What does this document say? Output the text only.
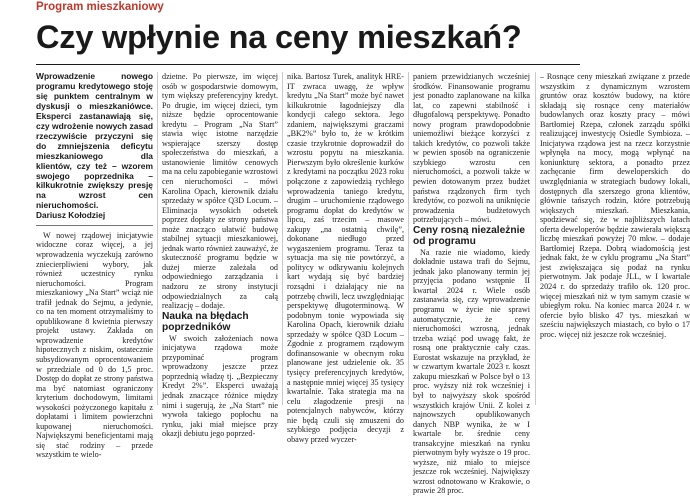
Program mieszkaniowy
Czy wpłynie na ceny mieszkań?

Wprowadzenie nowego programu kredytowego stoję się punktem centralnym w dyskusji o mieszkaniówce. Eksperci zastanawiają się, czy wdrożenie nowych zasad rzeczywiście przyczyni się do zmniejszenia deficytu mieszkaniowego dla klientów, czy też – wzorem swojego poprzednika – kilkukrotnie zwiększy presję na wzrost cen nieruchomości.

Dariusz Kołodziej

W nowej rządowej inicjatywie widoczne coraz więcej, a jej wprowadzenia wyczekują zarówno zniecierpliwieni wybory, jak również uczestnicy rynku nieruchomości. Program mieszkaniowy „Na Start” wciąż nie trafił jednak do Sejmu, a jedynie, co na ten moment otrzymaliśmy to opublikowane 8 kwietnia pierwszy projekt ustawy. Zakłada on wprowadzenie kredytów hipotecznych z niskim, ostatecznie subsydiowanym oprocentowaniem w przedziale od 0 do 1,5 proc. Dostęp do dopłat ze strony państwa ma być natomiast ograniczony kryterium dochodowym, limitami wysokości pożyczonego kapitału z dopłatami i limitem powierzchni kupowanej nieruchomości. Największymi beneficjentami mają się stać rodziny – przede wszystkim te wielo-

dzietne. Po pierwsze, im więcej osób w gospodarstwie domowym, tym większy preferencyjny kredyt. Po drugie, im więcej dzieci, tym niższe będzie oprocentowanie kredytu – Program „Na Start” stawia więc istotne narzędzie wspierające szerszy dostęp społeczeństwa do mieszkań, a ustanowienie limitów cenowych ma na celu zapobieganie wzrostowi cen nieruchomości – mówi Karolina Opach, kierownik działu sprzedaży w spółce Q3D Locum. – Eliminacja wysokich odsetek poprzez dopłaty ze strony państwa może znacząco ułatwić budowę stabilnej sytuacji mieszkaniowej, jednak warto również zauważyć, że skuteczność programu będzie w dużej mierze zależała od odpowiedniego zarządzania i nadzoru ze strony instytucji odpowiedzialnych za całą realizację – dodaje.

Nauka na błędach poprzedników

W swoich założeniach nowa inicjatywa rządowa może przypominać program wprowadzony jeszcze przez poprzednią władzę tj. „Bezpieczny Kredyt 2%”. Eksperci uważają jednak znaczące różnice między nimi i sugerują, że „Na Start” nie wywoła takiego popłochu na rynku, jaki miał miejsce przy okazji debiutu jego poprzed-

nika. Bartosz Turek, analityk HRE-IT zwraca uwagę, że wpływ kredytu „Na Start” może być nawet kilkukrotnie łagodniejszy dla kondycji całego sektora. Jego zdaniem, największymi graczami „BK2%” było to, że w krótkim czasie trzykrotnie doprowadził do wzrostu popytu na mieszkania. Pierwszym było określenie kurków z kredytami na początku 2023 roku połączone z zapowiedzią rychłego wprowadzenia taniego kredytu, drugim – uruchomienie rządowego programu dopłat do kredytów w lipcu, zaś trzecim – masowe zakupy „na ostatnią chwilę”, dokonane niedługo przed wygaszeniem programu. Teraz ta sytuacja ma się nie powtórzyć, a politycy w odkrywaniu kolejnych kart wydają się być bardziej rozsądni i działający nie na potrzebę chwili, lecz uwzględniając perspektywę długoterminową. W podobnym tonie wypowiada się Karolina Opach, kierownik działu sprzedaży w spółce Q3D Locum – Zgodnie z programem rządowym dofinansowanie w obecnym roku planowane jest udzielenie ok. 35 tysięcy preferencyjnych kredytów, a następnie mniej więcej 35 tysięcy kwartalnie. Taka strategia ma na celu złagodzenie presji na potencjalnych nabywców, którzy nie będą czuli się zmuszeni do szybkiego podjęcia decyzji z obawy przed wyczer-

paniem przewidzianych wcześniej środków. Finansowanie programu jest ponadto zaplanowane na kilka lat, co zapewni stabilność i długofalową perspektywę. Ponadto nowy program prawdopodobnie uniemożliwi bieżące korzyści z takich kredytów, co pozwoli także w pewien sposób na ograniczenie szybkiego wzrostu cen nieruchomości, a pozwoli także w pewien dotowanym przez budżet państwa rządzonych firm tych kredytów, co pozwoli na uniknięcie prowadzenia budżetowych potrzebujących – mówi.

Ceny rosną niezależnie od programu

Na razie nie wiadomo, kiedy dokładnie ustawa trafi do Sejmu, jednak jako planowany termin jej przyjęcia podano wstępnie II kwartał 2024 r. Wiele osób zastanawia się, czy wprowadzenie programu w życie nie sprawi automatycznie, że ceny nieruchomości wzrosną, jednak trzeba wziąć pod uwagę fakt, że rosną one praktycznie cały czas. Eurostat wskazuje na przykład, że w czwartym kwartale 2023 r. koszt zakupu mieszkań w Polsce był o 13 proc. wyższy niż rok wcześniej i był to najwyższy skok spośród wszystkich krajów Unii. Z kolei z najnowszych opublikowanych danych NBP wynika, że w I kwartale br. średnie ceny transakcyjne mieszkań na rynku pierwotnym były wyższe o 19 proc. wyższe, niż miało to miejsce jeszcze rok wcześniej. Największy wzrost odnotowano w Krakowie, o prawie 28 proc.

– Rosnące ceny mieszkań związane z przede wszystkim z dynamicznym wzrostem gruntów oraz kosztów budowy, na które składają się rosnące ceny materiałów budowlanych oraz koszty pracy – mówi Bartłomiej Rzepa, członek zarządu spółki realizującej inwestycję Osiedle Symbioza. – Inicjatywa rządowa jest na rzecz korzystnie wpłynęła na mocy, mogą wpłynąć na koniunkturę sektora, a ponadto przez zachęcanie firm deweloperskich do uwzględniania w strategiach budowy lokali, dostępnych dla szerszego grona klientów, głównie tańszych rodzin, które potrzebują większych mieszkań. Mieszkania, spodziewać się, że w najbliższych latach oferta deweloperów będzie zawierała większą liczbę mieszkań powyżej 70 mkw. – dodaje Bartłomiej Rzepa. Dobrą wiadomością jest jednak fakt, że w cyklu programu „Na Start” jest zwiększająca się podaż na rynku pierwotnym. Jak podaje JLL, w I kwartale 2024 r. do sprzedaży trafiło ok. 120 proc. więcej mieszkań niż w tym samym czasie w ubiegłym roku. Na koniec marca 2024 r. w ofercie było blisko 47 tys. mieszkań w sześciu największych miastach, co było o 17 proc. więcej niż jeszcze rok wcześniej.
